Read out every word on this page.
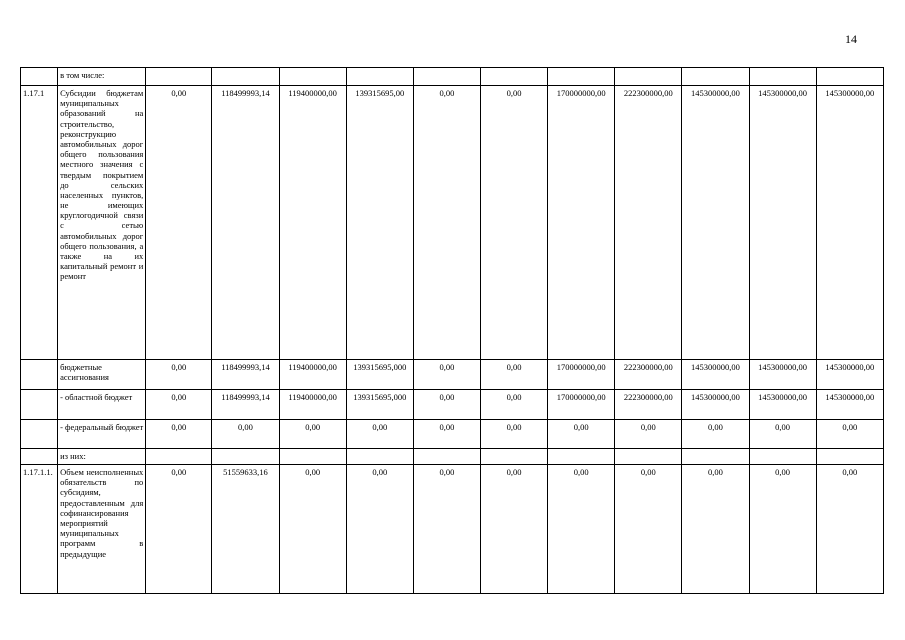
14
	в том числе:											
1.17.1	Субсидии бюджетам муниципальных образований на строительство, реконструкцию автомобильных дорог общего пользования местного значения с твердым покрытием до сельских населенных пунктов, не имеющих круглогодичной связи с сетью автомобильных дорог общего пользования, а также на их капитальный ремонт и ремонт	0,00	118499993,14	119400000,00	139315695,00	0,00	0,00	170000000,00	222300000,00	145300000,00	145300000,00	145300000,00
	бюджетные ассигнования	0,00	118499993,14	119400000,00	139315695,000	0,00	0,00	170000000,00	222300000,00	145300000,00	145300000,00	145300000,00
	- областной бюджет	0,00	118499993,14	119400000,00	139315695,000	0,00	0,00	170000000,00	222300000,00	145300000,00	145300000,00	145300000,00
	- федеральный бюджет	0,00	0,00	0,00	0,00	0,00	0,00	0,00	0,00	0,00	0,00	0,00
	из них:											
1.17.1.1.	Объем неисполненных обязательств по субсидиям, предоставленным для софинансирования мероприятий муниципальных программ в предыдущие	0,00	51559633,16	0,00	0,00	0,00	0,00	0,00	0,00	0,00	0,00	0,00
